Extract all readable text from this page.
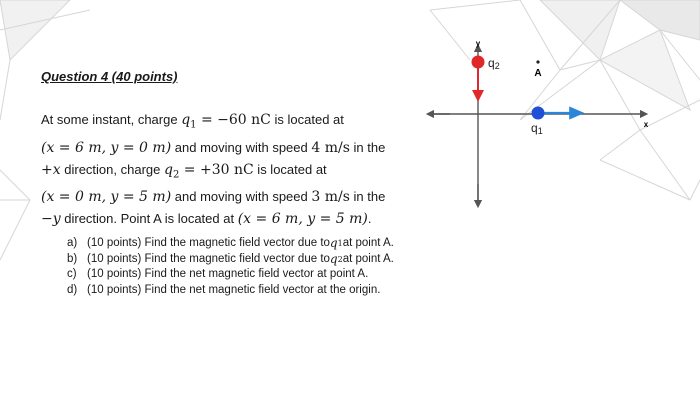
Question 4 (40 points)
At some instant, charge $q_1 = -60$ nC is located at
(x = 6 m, y = 0 m) and moving with speed 4 m/s in the
+x direction, charge $q_2 = +30$ nC is located at
(x = 0 m, y = 5 m) and moving with speed 3 m/s in the
−y direction. Point A is located at (x = 6 m, y = 5 m).
a) (10 points) Find the magnetic field vector due to q 1 at point A.
b) (10 points) Find the magnetic field vector due to q 2 at point A.
c) (10 points) Find the net magnetic field vector at point A.
d) (10 points) Find the net magnetic field vector at the origin.
y
x
q2
A
q1
